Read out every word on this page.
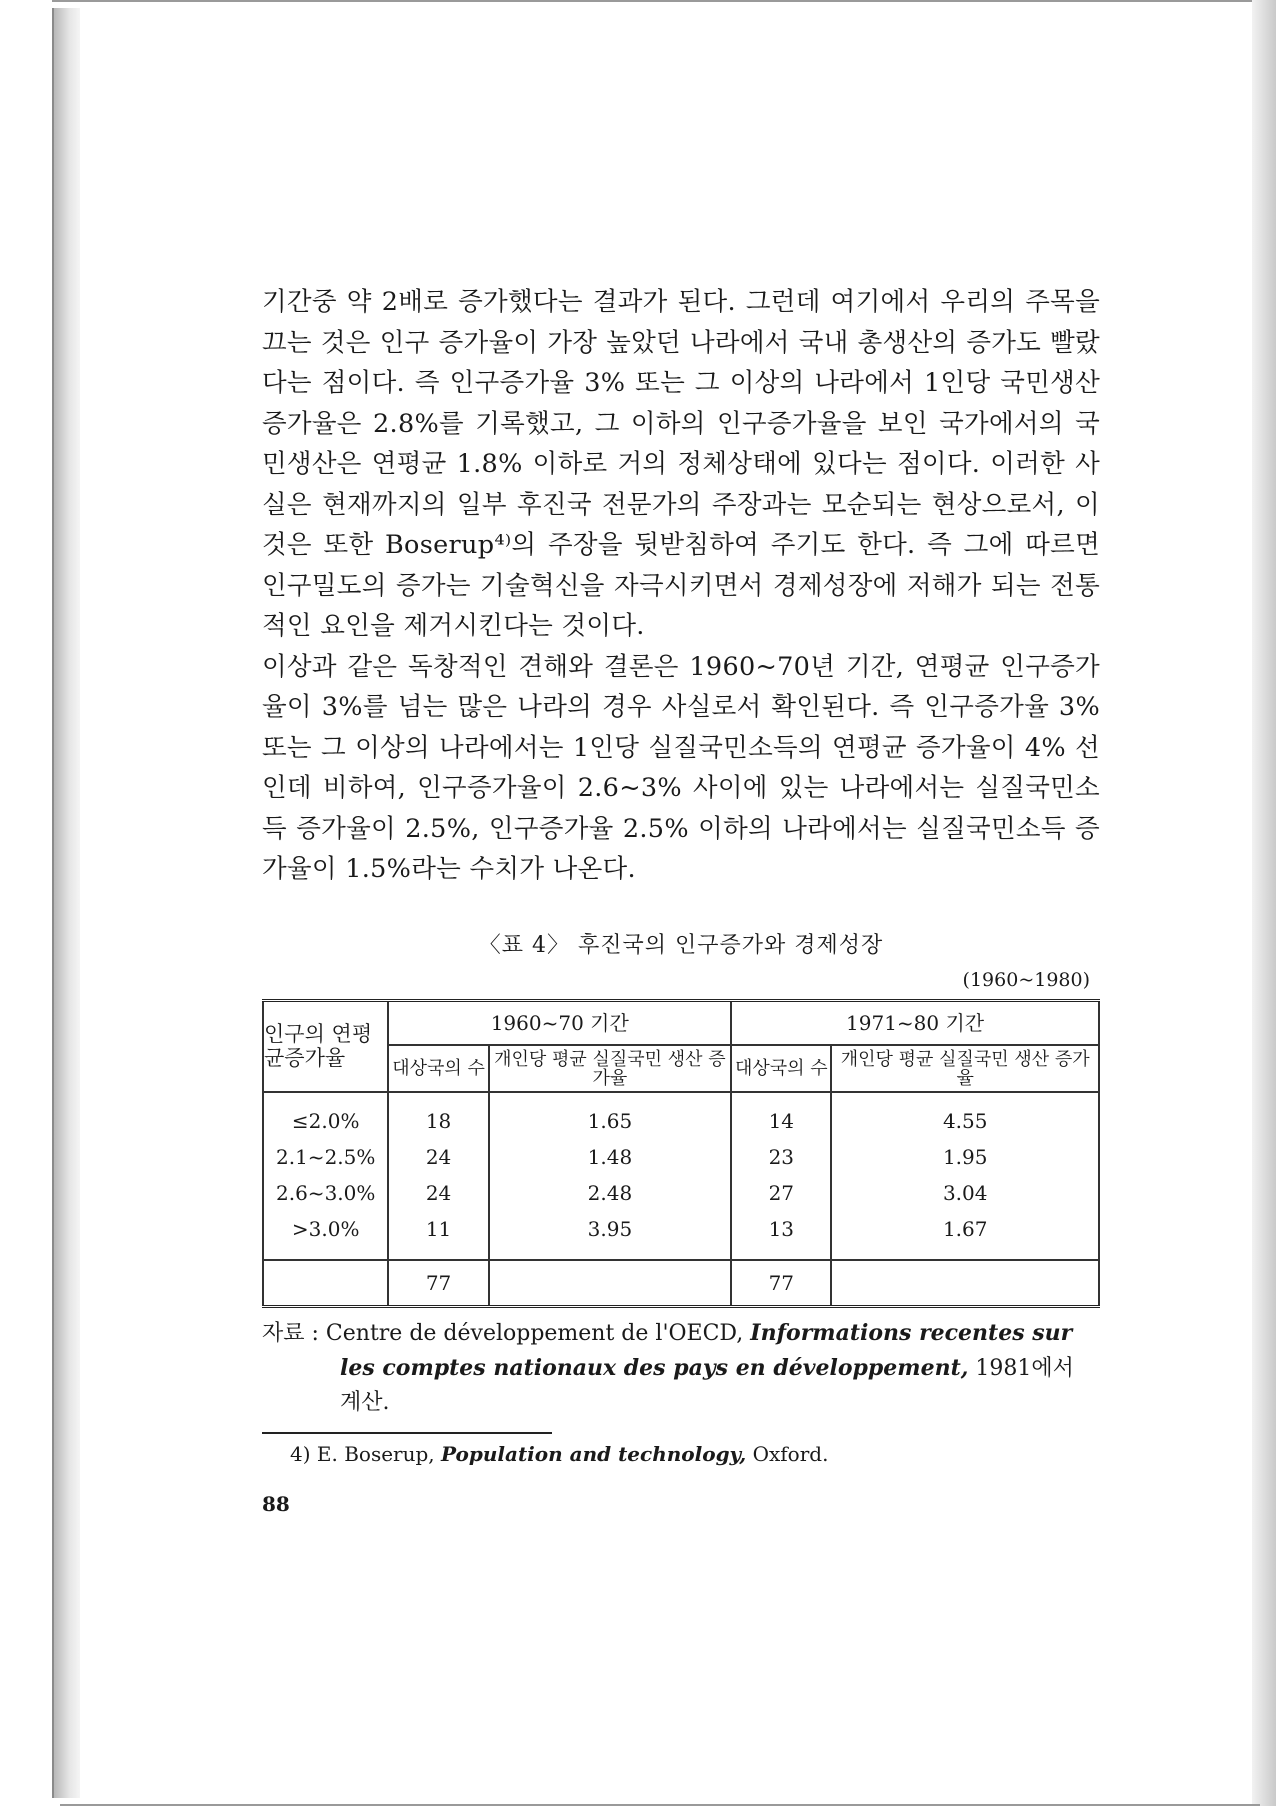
기간중 약 2배로 증가했다는 결과가 된다. 그런데 여기에서 우리의 주목을 끄는 것은 인구 증가율이 가장 높았던 나라에서 국내 총생산의 증가도 빨랐다는 점이다. 즉 인구증가율 3% 또는 그 이상의 나라에서 1인당 국민생산 증가율은 2.8%를 기록했고, 그 이하의 인구증가율을 보인 국가에서의 국민생산은 연평균 1.8% 이하로 거의 정체상태에 있다는 점이다. 이러한 사실은 현재까지의 일부 후진국 전문가의 주장과는 모순되는 현상으로서, 이것은 또한 Boserup⁴⁾의 주장을 뒷받침하여 주기도 한다. 즉 그에 따르면 인구밀도의 증가는 기술혁신을 자극시키면서 경제성장에 저해가 되는 전통적인 요인을 제거시킨다는 것이다.

이상과 같은 독창적인 견해와 결론은 1960~70년 기간, 연평균 인구증가율이 3%를 넘는 많은 나라의 경우 사실로서 확인된다. 즉 인구증가율 3% 또는 그 이상의 나라에서는 1인당 실질국민소득의 연평균 증가율이 4% 선인데 비하여, 인구증가율이 2.6~3% 사이에 있는 나라에서는 실질국민소득 증가율이 2.5%, 인구증가율 2.5% 이하의 나라에서는 실질국민소득 증가율이 1.5%라는 수치가 나온다.

〈표 4〉 후진국의 인구증가와 경제성장
(1960~1980)
인구의 연평균증가율	1960~70 기간		1971~80 기간	
	대상국의 수	개인당 평균 실질국민 생산 증가율	대상국의 수	개인당 평균 실질국민 생산 증가율
≤2.0%	18	1.65	14	4.55
2.1~2.5%	24	1.48	23	1.95
2.6~3.0%	24	2.48	27	3.04
>3.0%	11	3.95	13	1.67
	77		77	
자료 : Centre de développement de l'OECD, Informations recentes sur les comptes nationaux des pays en développement, 1981에서 계산.
4) E. Boserup, Population and technology, Oxford.
88
